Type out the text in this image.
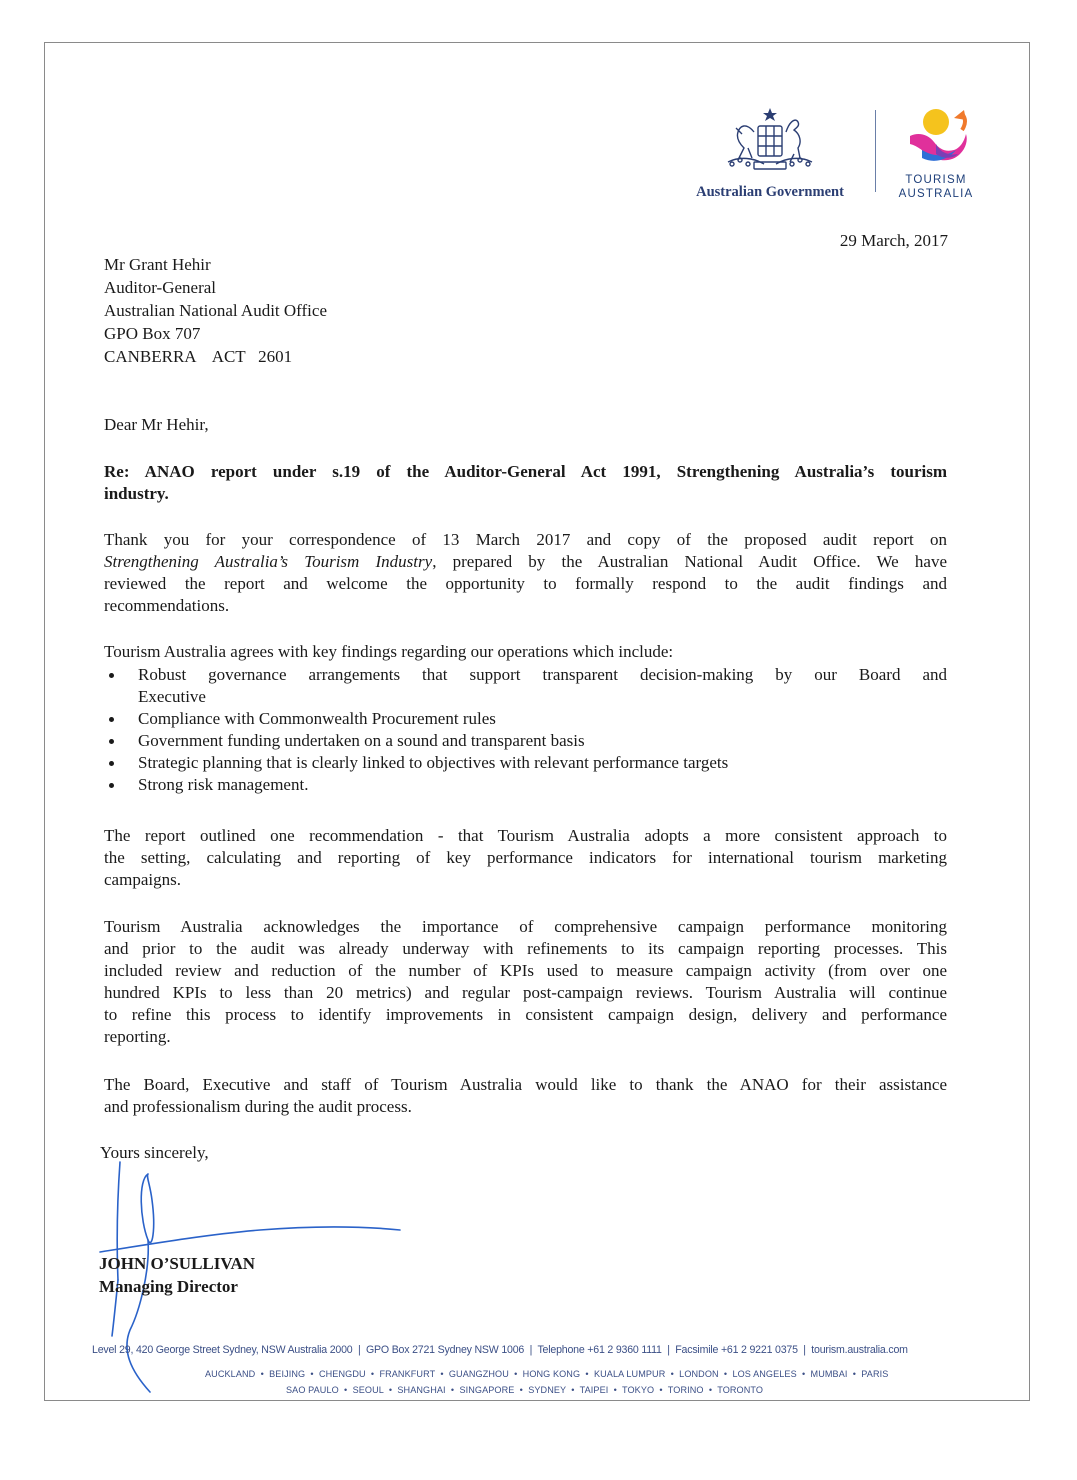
Australian Government
TOURISM
AUSTRALIA
29 March, 2017
Mr Grant Hehir
Auditor-General
Australian National Audit Office
GPO Box 707
CANBERRA    ACT   2601
Dear Mr Hehir,
Re: ANAO report under s.19 of the Auditor-General Act 1991, Strengthening Australia’s tourism
industry.
Thank you for your correspondence of 13 March 2017 and copy of the proposed audit report on
Strengthening Australia’s Tourism Industry, prepared by the Australian National Audit Office. We have
reviewed the report and welcome the opportunity to formally respond to the audit findings and
recommendations.
Tourism Australia agrees with key findings regarding our operations which include:
Robust governance arrangements that support transparent decision-making by our Board and
Executive
Compliance with Commonwealth Procurement rules
Government funding undertaken on a sound and transparent basis
Strategic planning that is clearly linked to objectives with relevant performance targets
Strong risk management.
The report outlined one recommendation - that Tourism Australia adopts a more consistent approach to
the setting, calculating and reporting of key performance indicators for international tourism marketing
campaigns.
Tourism Australia acknowledges the importance of comprehensive campaign performance monitoring
and prior to the audit was already underway with refinements to its campaign reporting processes. This
included review and reduction of the number of KPIs used to measure campaign activity (from over one
hundred KPIs to less than 20 metrics) and regular post-campaign reviews. Tourism Australia will continue
to refine this process to identify improvements in consistent campaign design, delivery and performance
reporting.
The Board, Executive and staff of Tourism Australia would like to thank the ANAO for their assistance
and professionalism during the audit process.
Yours sincerely,
JOHN O’SULLIVAN
Managing Director
Level 29, 420 George Street Sydney, NSW Australia 2000  |  GPO Box 2721 Sydney NSW 1006  |  Telephone +61 2 9360 1111  |  Facsimile +61 2 9221 0375  |  tourism.australia.com
AUCKLAND  •  BEIJING  •  CHENGDU  •  FRANKFURT  •  GUANGZHOU  •  HONG KONG  •  KUALA LUMPUR  •  LONDON  •  LOS ANGELES  •  MUMBAI  •  PARIS
SAO PAULO  •  SEOUL  •  SHANGHAI  •  SINGAPORE  •  SYDNEY  •  TAIPEI  •  TOKYO  •  TORINO  •  TORONTO
